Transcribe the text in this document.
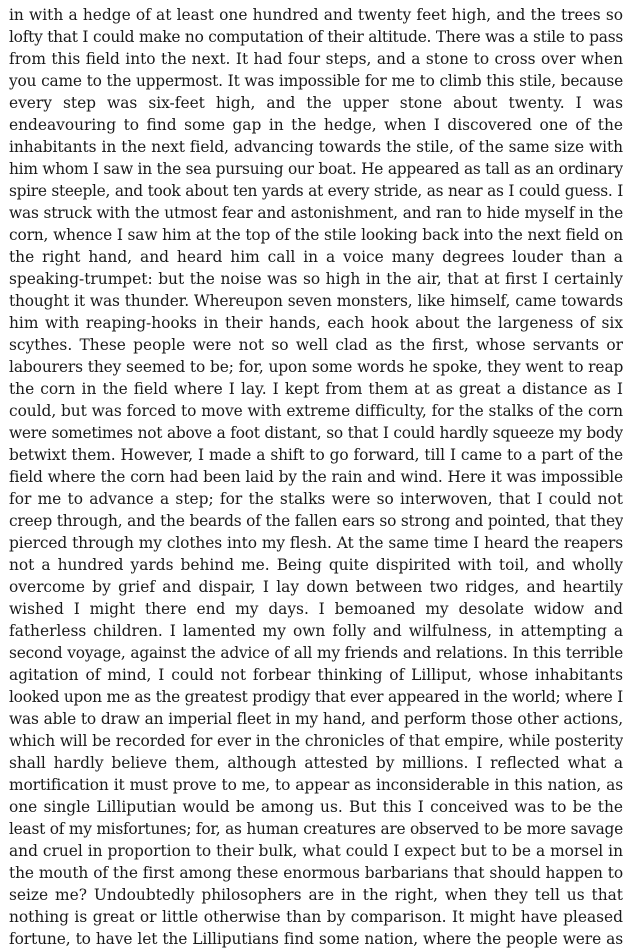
in with a hedge of at least one hundred and twenty feet high, and the trees so
lofty that I could make no computation of their altitude. There was a stile to pass
from this field into the next. It had four steps, and a stone to cross over when
you came to the uppermost. It was impossible for me to climb this stile, because
every step was six-feet high, and the upper stone about twenty. I was
endeavouring to find some gap in the hedge, when I discovered one of the
inhabitants in the next field, advancing towards the stile, of the same size with
him whom I saw in the sea pursuing our boat. He appeared as tall as an ordinary
spire steeple, and took about ten yards at every stride, as near as I could guess. I
was struck with the utmost fear and astonishment, and ran to hide myself in the
corn, whence I saw him at the top of the stile looking back into the next field on
the right hand, and heard him call in a voice many degrees louder than a
speaking-trumpet: but the noise was so high in the air, that at first I certainly
thought it was thunder. Whereupon seven monsters, like himself, came towards
him with reaping-hooks in their hands, each hook about the largeness of six
scythes. These people were not so well clad as the first, whose servants or
labourers they seemed to be; for, upon some words he spoke, they went to reap
the corn in the field where I lay. I kept from them at as great a distance as I
could, but was forced to move with extreme difficulty, for the stalks of the corn
were sometimes not above a foot distant, so that I could hardly squeeze my body
betwixt them. However, I made a shift to go forward, till I came to a part of the
field where the corn had been laid by the rain and wind. Here it was impossible
for me to advance a step; for the stalks were so interwoven, that I could not
creep through, and the beards of the fallen ears so strong and pointed, that they
pierced through my clothes into my flesh. At the same time I heard the reapers
not a hundred yards behind me. Being quite dispirited with toil, and wholly
overcome by grief and dispair, I lay down between two ridges, and heartily
wished I might there end my days. I bemoaned my desolate widow and
fatherless children. I lamented my own folly and wilfulness, in attempting a
second voyage, against the advice of all my friends and relations. In this terrible
agitation of mind, I could not forbear thinking of Lilliput, whose inhabitants
looked upon me as the greatest prodigy that ever appeared in the world; where I
was able to draw an imperial fleet in my hand, and perform those other actions,
which will be recorded for ever in the chronicles of that empire, while posterity
shall hardly believe them, although attested by millions. I reflected what a
mortification it must prove to me, to appear as inconsiderable in this nation, as
one single Lilliputian would be among us. But this I conceived was to be the
least of my misfortunes; for, as human creatures are observed to be more savage
and cruel in proportion to their bulk, what could I expect but to be a morsel in
the mouth of the first among these enormous barbarians that should happen to
seize me? Undoubtedly philosophers are in the right, when they tell us that
nothing is great or little otherwise than by comparison. It might have pleased
fortune, to have let the Lilliputians find some nation, where the people were as
